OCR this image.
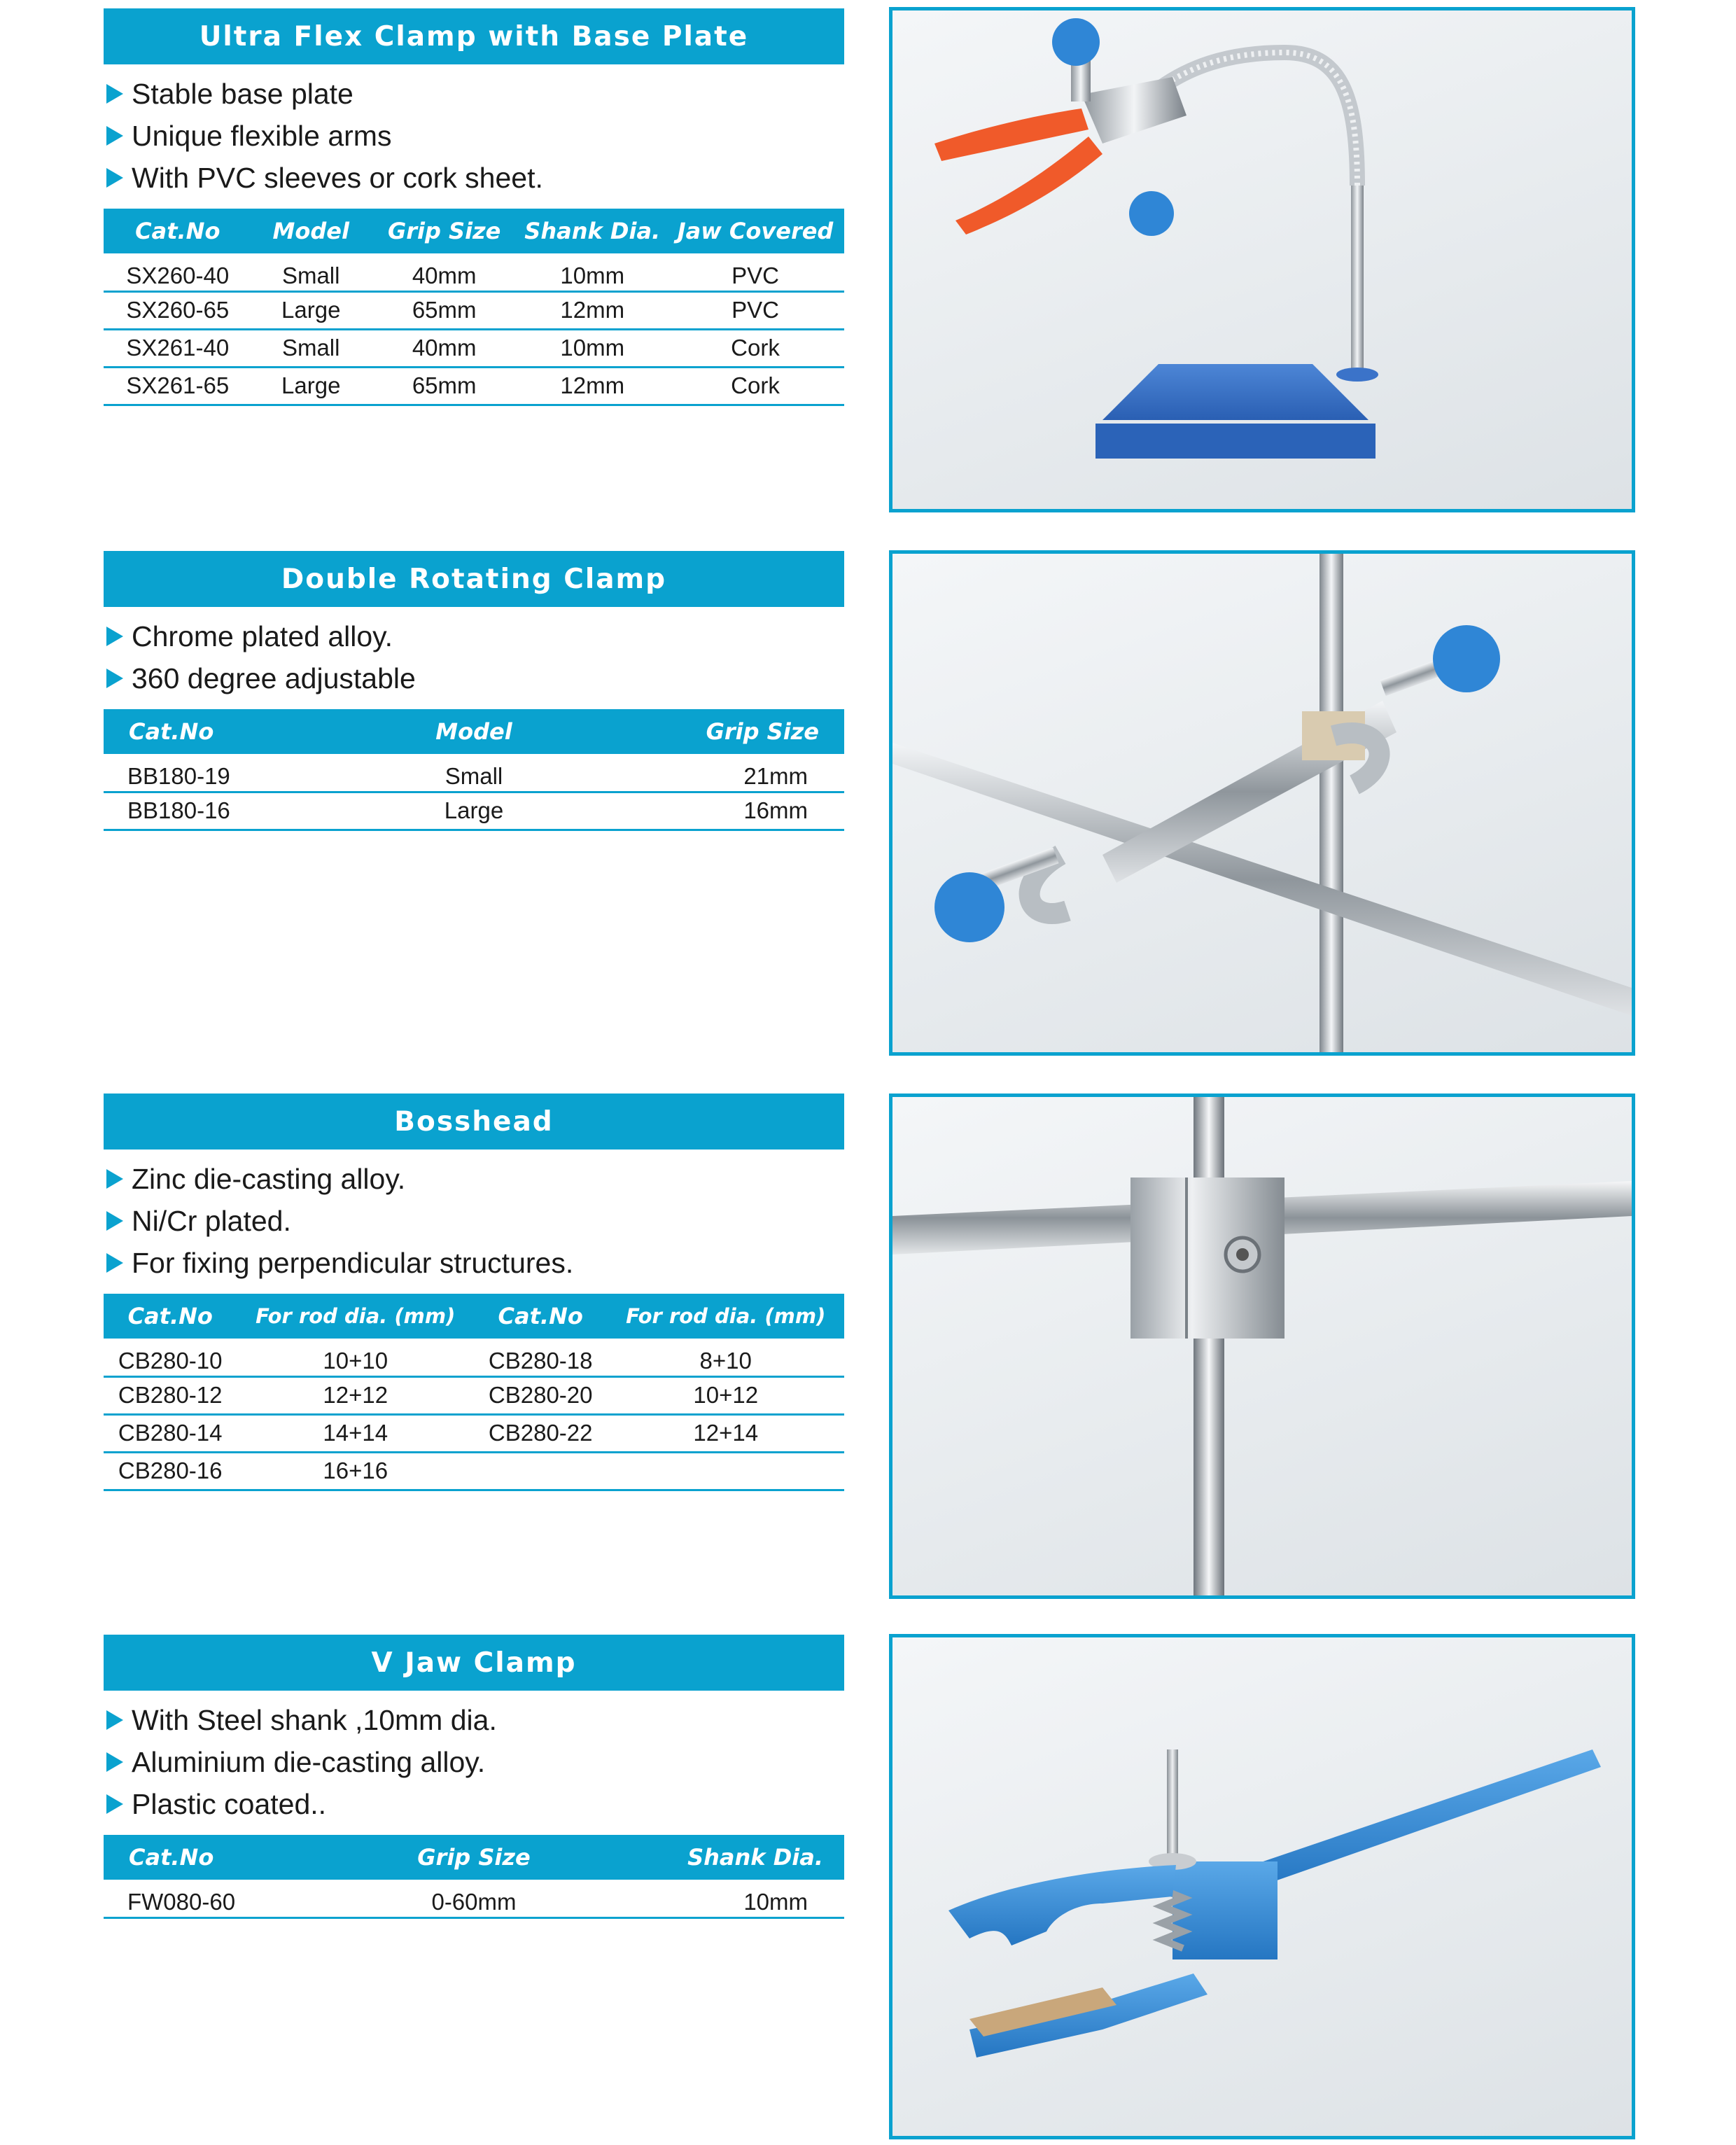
Ultra Flex Clamp with Base Plate
Stable base plate
Unique flexible arms
With PVC sleeves or cork sheet.
Cat.No	Model	Grip Size	Shank Dia.	Jaw Covered
SX260-40	Small	40mm	10mm	PVC
SX260-65	Large	65mm	12mm	PVC
SX261-40	Small	40mm	10mm	Cork
SX261-65	Large	65mm	12mm	Cork
Double Rotating Clamp
Chrome plated alloy.
360 degree adjustable
Cat.No	Model	Grip Size
BB180-19	Small	21mm
BB180-16	Large	16mm
Bosshead
Zinc die-casting alloy.
Ni/Cr plated.
For fixing perpendicular structures.
Cat.No	For rod dia. (mm)	Cat.No	For rod dia. (mm)
CB280-10	10+10	CB280-18	8+10
CB280-12	12+12	CB280-20	10+12
CB280-14	14+14	CB280-22	12+14
CB280-16	16+16		
V Jaw Clamp
With Steel shank ,10mm dia.
Aluminium die-casting alloy.
Plastic coated..
Cat.No	Grip Size	Shank Dia.
FW080-60	0-60mm	10mm
